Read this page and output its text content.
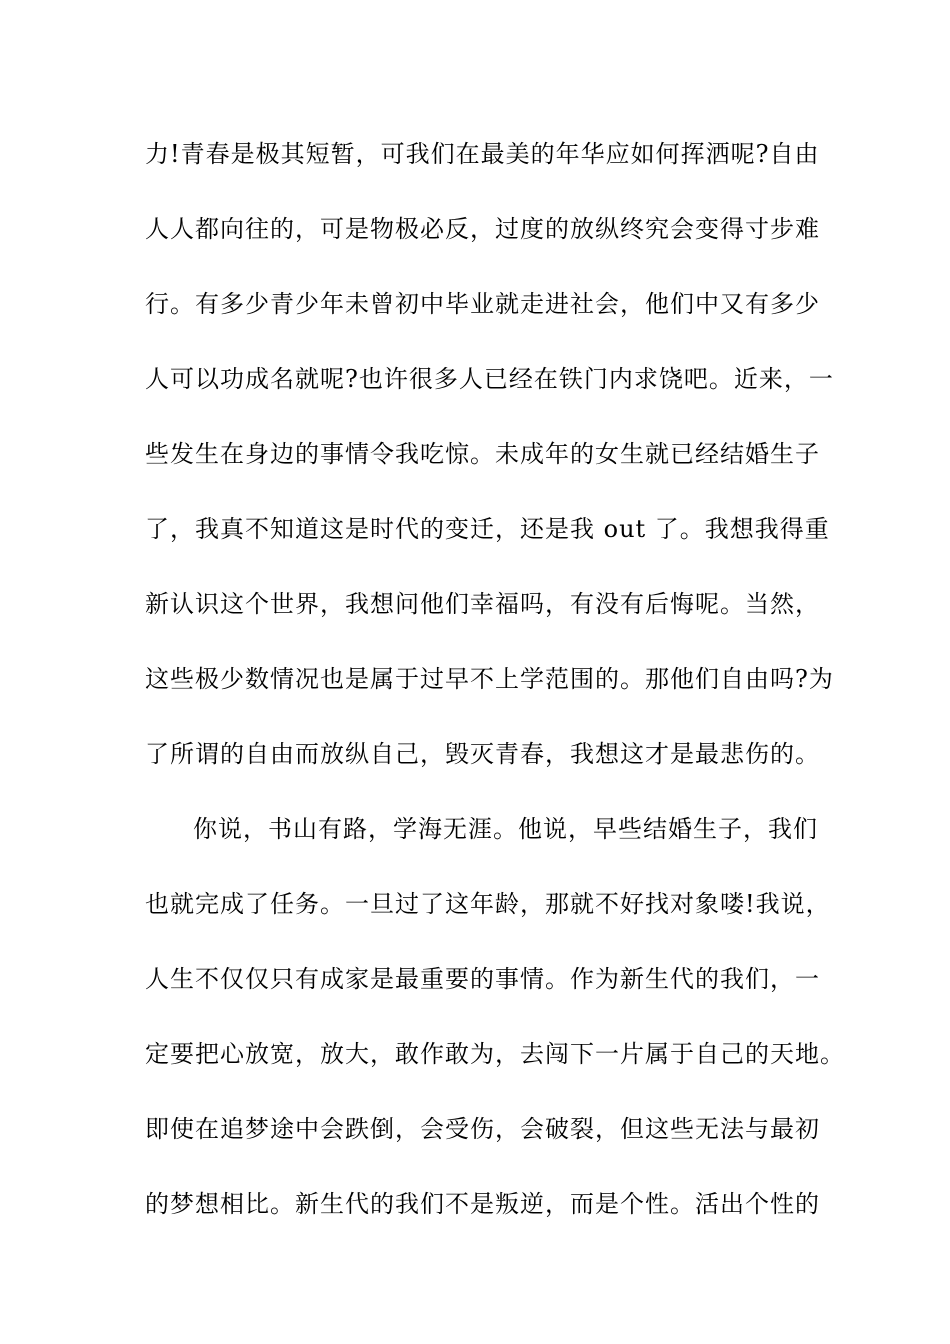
力!青春是极其短暂，可我们在最美的年华应如何挥洒呢?自由
人人都向往的，可是物极必反，过度的放纵终究会变得寸步难
行。有多少青少年未曾初中毕业就走进社会，他们中又有多少
人可以功成名就呢?也许很多人已经在铁门内求饶吧。近来，一
些发生在身边的事情令我吃惊。未成年的女生就已经结婚生子
了，我真不知道这是时代的变迁，还是我 out 了。我想我得重
新认识这个世界，我想问他们幸福吗，有没有后悔呢。当然，
这些极少数情况也是属于过早不上学范围的。那他们自由吗?为
了所谓的自由而放纵自己，毁灭青春，我想这才是最悲伤的。
你说，书山有路，学海无涯。他说，早些结婚生子，我们
也就完成了任务。一旦过了这年龄，那就不好找对象喽!我说，
人生不仅仅只有成家是最重要的事情。作为新生代的我们，一
定要把心放宽，放大，敢作敢为，去闯下一片属于自己的天地。
即使在追梦途中会跌倒，会受伤，会破裂，但这些无法与最初
的梦想相比。新生代的我们不是叛逆，而是个性。活出个性的
